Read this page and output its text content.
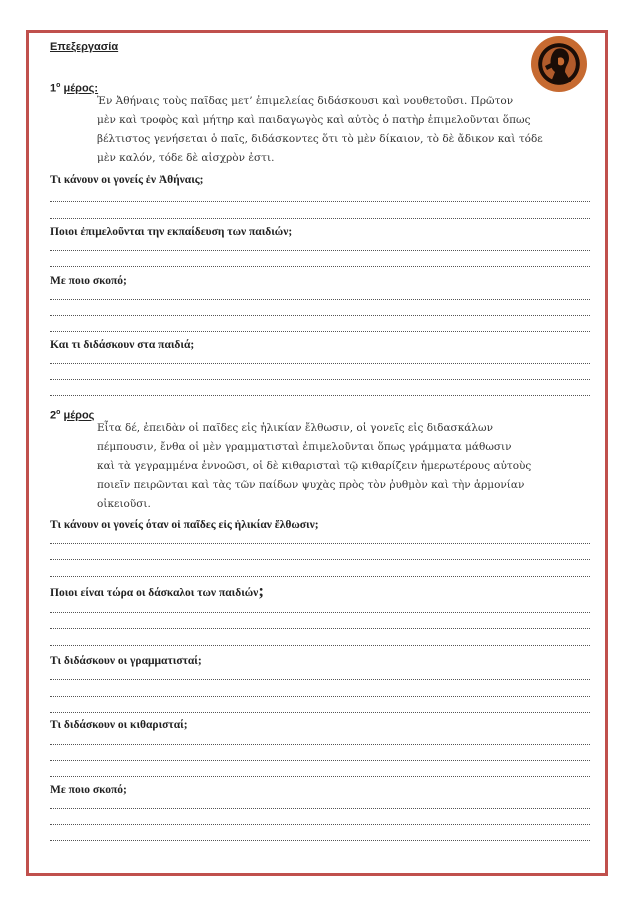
Επεξεργασία
$1^o$ μέρος:
Ἐν Ἀθήναις τοὺς παῖδας μετ’ ἐπιμελείας διδάσκουσι καὶ νουθετοῦσι. Πρῶτον
μὲν καὶ τροφὸς καὶ μήτηρ καὶ παιδαγωγὸς καὶ αὐτὸς ὁ πατὴρ ἐπιμελοῦνται ὅπως
βέλτιστος γενήσεται ὁ παῖς, διδάσκοντες ὅτι τὸ μὲν δίκαιον, τὸ δὲ ἄδικον καὶ τόδε
μὲν καλόν, τόδε δὲ αἰσχρὸν ἐστι.
Τι κάνουν οι γονείς ἐν Ἀθήναις;
Ποιοι ἐπιμελοῦνται την εκπαίδευση των παιδιών;
Με ποιο σκοπό;
Και τι διδάσκουν στα παιδιά;
$2^o$ μέρος
Εἶτα δέ, ἐπειδὰν οἱ παῖδες εἰς ἡλικίαν ἔλθωσιν, οἱ γονεῖς εἰς διδασκάλων
πέμπουσιν, ἔνθα οἱ μὲν γραμματισταὶ ἐπιμελοῦνται ὅπως γράμματα μάθωσιν
καὶ τὰ γεγραμμένα ἐννοῶσι, οἱ δὲ κιθαρισταὶ τῷ κιθαρίζειν ἡμερωτέρους αὐτοὺς
ποιεῖν πειρῶνται καὶ τὰς τῶν παίδων ψυχὰς πρὸς τὸν ῥυθμὸν καὶ τὴν ἁρμονίαν
οἰκειοῦσι.
Τι κάνουν οι γονείς όταν οἱ παῖδες εἰς ἡλικίαν ἔλθωσιν;
Ποιοι είναι τώρα οι δάσκαλοι των παιδιών;
Τι διδάσκουν οι γραμματισταί;
Τι διδάσκουν οι κιθαρισταί;
Με ποιο σκοπό;
